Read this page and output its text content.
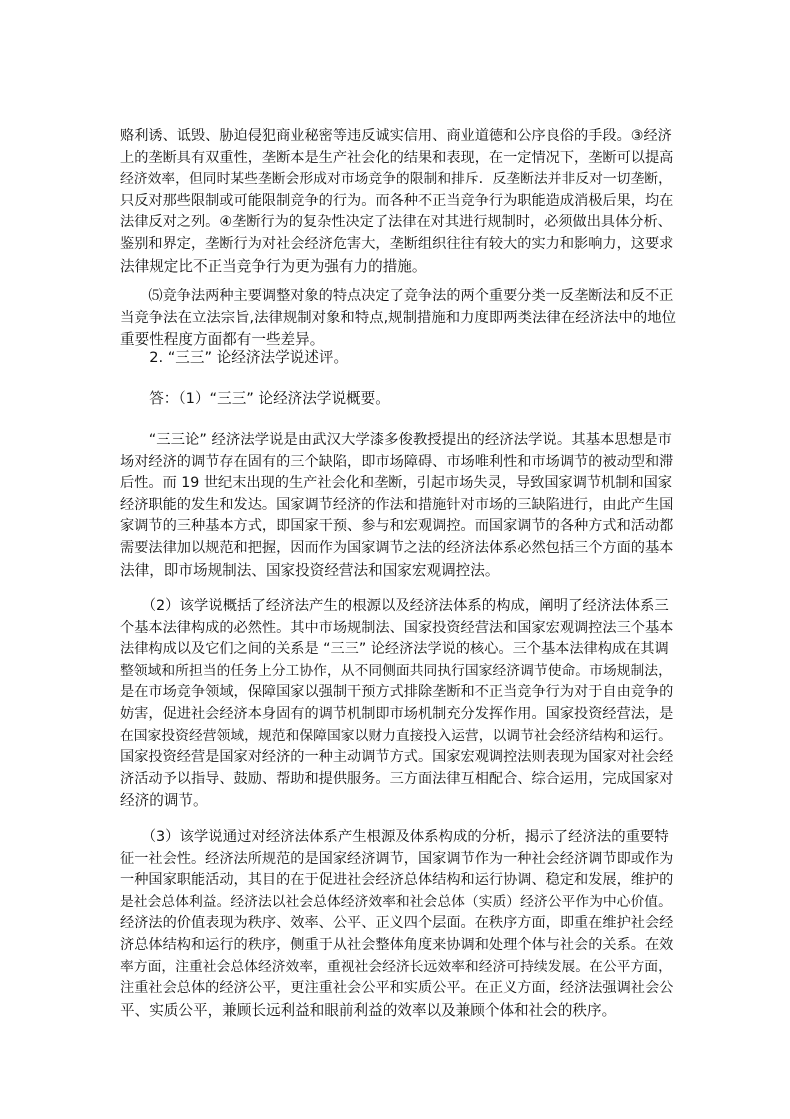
赂利诱、诋毁、胁迫侵犯商业秘密等违反诚实信用、商业道德和公序良俗的手段。③经济
上的垄断具有双重性，垄断本是生产社会化的结果和表现，在一定情况下，垄断可以提高
经济效率，但同时某些垄断会形成对市场竞争的限制和排斥．反垄断法并非反对一切垄断，
只反对那些限制或可能限制竞争的行为。而各种不正当竞争行为职能造成消极后果，均在
法律反对之列。④垄断行为的复杂性决定了法律在对其进行规制时，必须做出具体分析、
鉴别和界定，垄断行为对社会经济危害大，垄断组织往往有较大的实力和影响力，这要求
法律规定比不正当竞争行为更为强有力的措施。
　　⑸竞争法两种主要调整对象的特点决定了竞争法的两个重要分类一反垄断法和反不正
当竞争法在立法宗旨,法律规制对象和特点,规制措施和力度即两类法律在经济法中的地位
重要性程度方面都有一些差异。
　　2. “三三” 论经济法学说述评。
　　答：（1）“三三” 论经济法学说概要。
　　“三三论” 经济法学说是由武汉大学漆多俊教授提出的经济法学说。其基本思想是市
场对经济的调节存在固有的三个缺陷，即市场障碍、市场唯利性和市场调节的被动型和滞
后性。而 19 世纪末出现的生产社会化和垄断，引起市场失灵，导致国家调节机制和国家
经济职能的发生和发达。国家调节经济的作法和措施针对市场的三缺陷进行，由此产生国
家调节的三种基本方式，即国家干预、参与和宏观调控。而国家调节的各种方式和活动都
需要法律加以规范和把握，因而作为国家调节之法的经济法体系必然包括三个方面的基本
法律，即市场规制法、国家投资经营法和国家宏观调控法。
　　（2）该学说概括了经济法产生的根源以及经济法体系的构成，阐明了经济法体系三
个基本法律构成的必然性。其中市场规制法、国家投资经营法和国家宏观调控法三个基本
法律构成以及它们之间的关系是 “三三” 论经济法学说的核心。三个基本法律构成在其调
整领域和所担当的任务上分工协作，从不同侧面共同执行国家经济调节使命。市场规制法，
是在市场竞争领域，保障国家以强制干预方式排除垄断和不正当竞争行为对于自由竞争的
妨害，促进社会经济本身固有的调节机制即市场机制充分发挥作用。国家投资经营法，是
在国家投资经营领域，规范和保障国家以财力直接投入运营，以调节社会经济结构和运行。
国家投资经营是国家对经济的一种主动调节方式。国家宏观调控法则表现为国家对社会经
济活动予以指导、鼓励、帮助和提供服务。三方面法律互相配合、综合运用，完成国家对
经济的调节。
　　（3）该学说通过对经济法体系产生根源及体系构成的分析，揭示了经济法的重要特
征一社会性。经济法所规范的是国家经济调节，国家调节作为一种社会经济调节即或作为
一种国家职能活动，其目的在于促进社会经济总体结构和运行协调、稳定和发展，维护的
是社会总体利益。经济法以社会总体经济效率和社会总体（实质）经济公平作为中心价值。
经济法的价值表现为秩序、效率、公平、正义四个层面。在秩序方面，即重在维护社会经
济总体结构和运行的秩序，侧重于从社会整体角度来协调和处理个体与社会的关系。在效
率方面，注重社会总体经济效率，重视社会经济长远效率和经济可持续发展。在公平方面，
注重社会总体的经济公平，更注重社会公平和实质公平。在正义方面，经济法强调社会公
平、实质公平，兼顾长远利益和眼前利益的效率以及兼顾个体和社会的秩序。
